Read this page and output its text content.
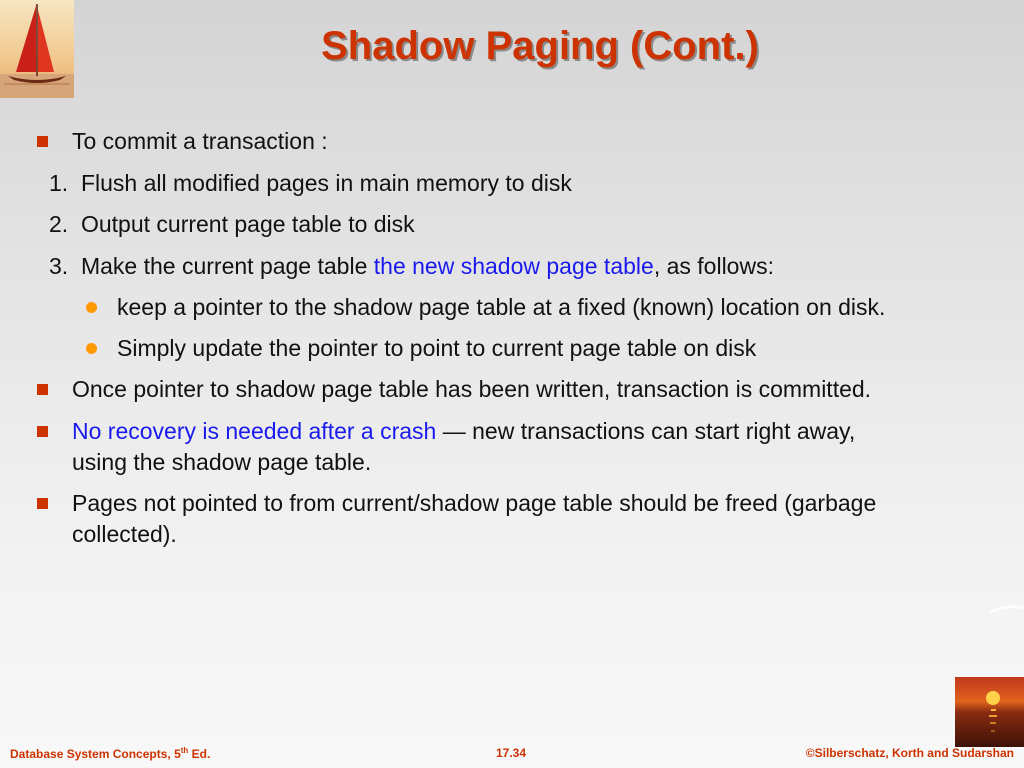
Shadow Paging (Cont.)
To commit a transaction :
1. Flush all modified pages in main memory to disk
2. Output current page table to disk
3. Make the current page table the new shadow page table, as follows:
keep a pointer to the shadow page table at a fixed (known) location on disk.
Simply update the pointer to point to current page table on disk
Once pointer to shadow page table has been written, transaction is committed.
No recovery is needed after a crash — new transactions can start right away,
using the shadow page table.
Pages not pointed to from current/shadow page table should be freed (garbage
collected).
Database System Concepts, 5th Ed.	17.34	©Silberschatz, Korth and Sudarshan
